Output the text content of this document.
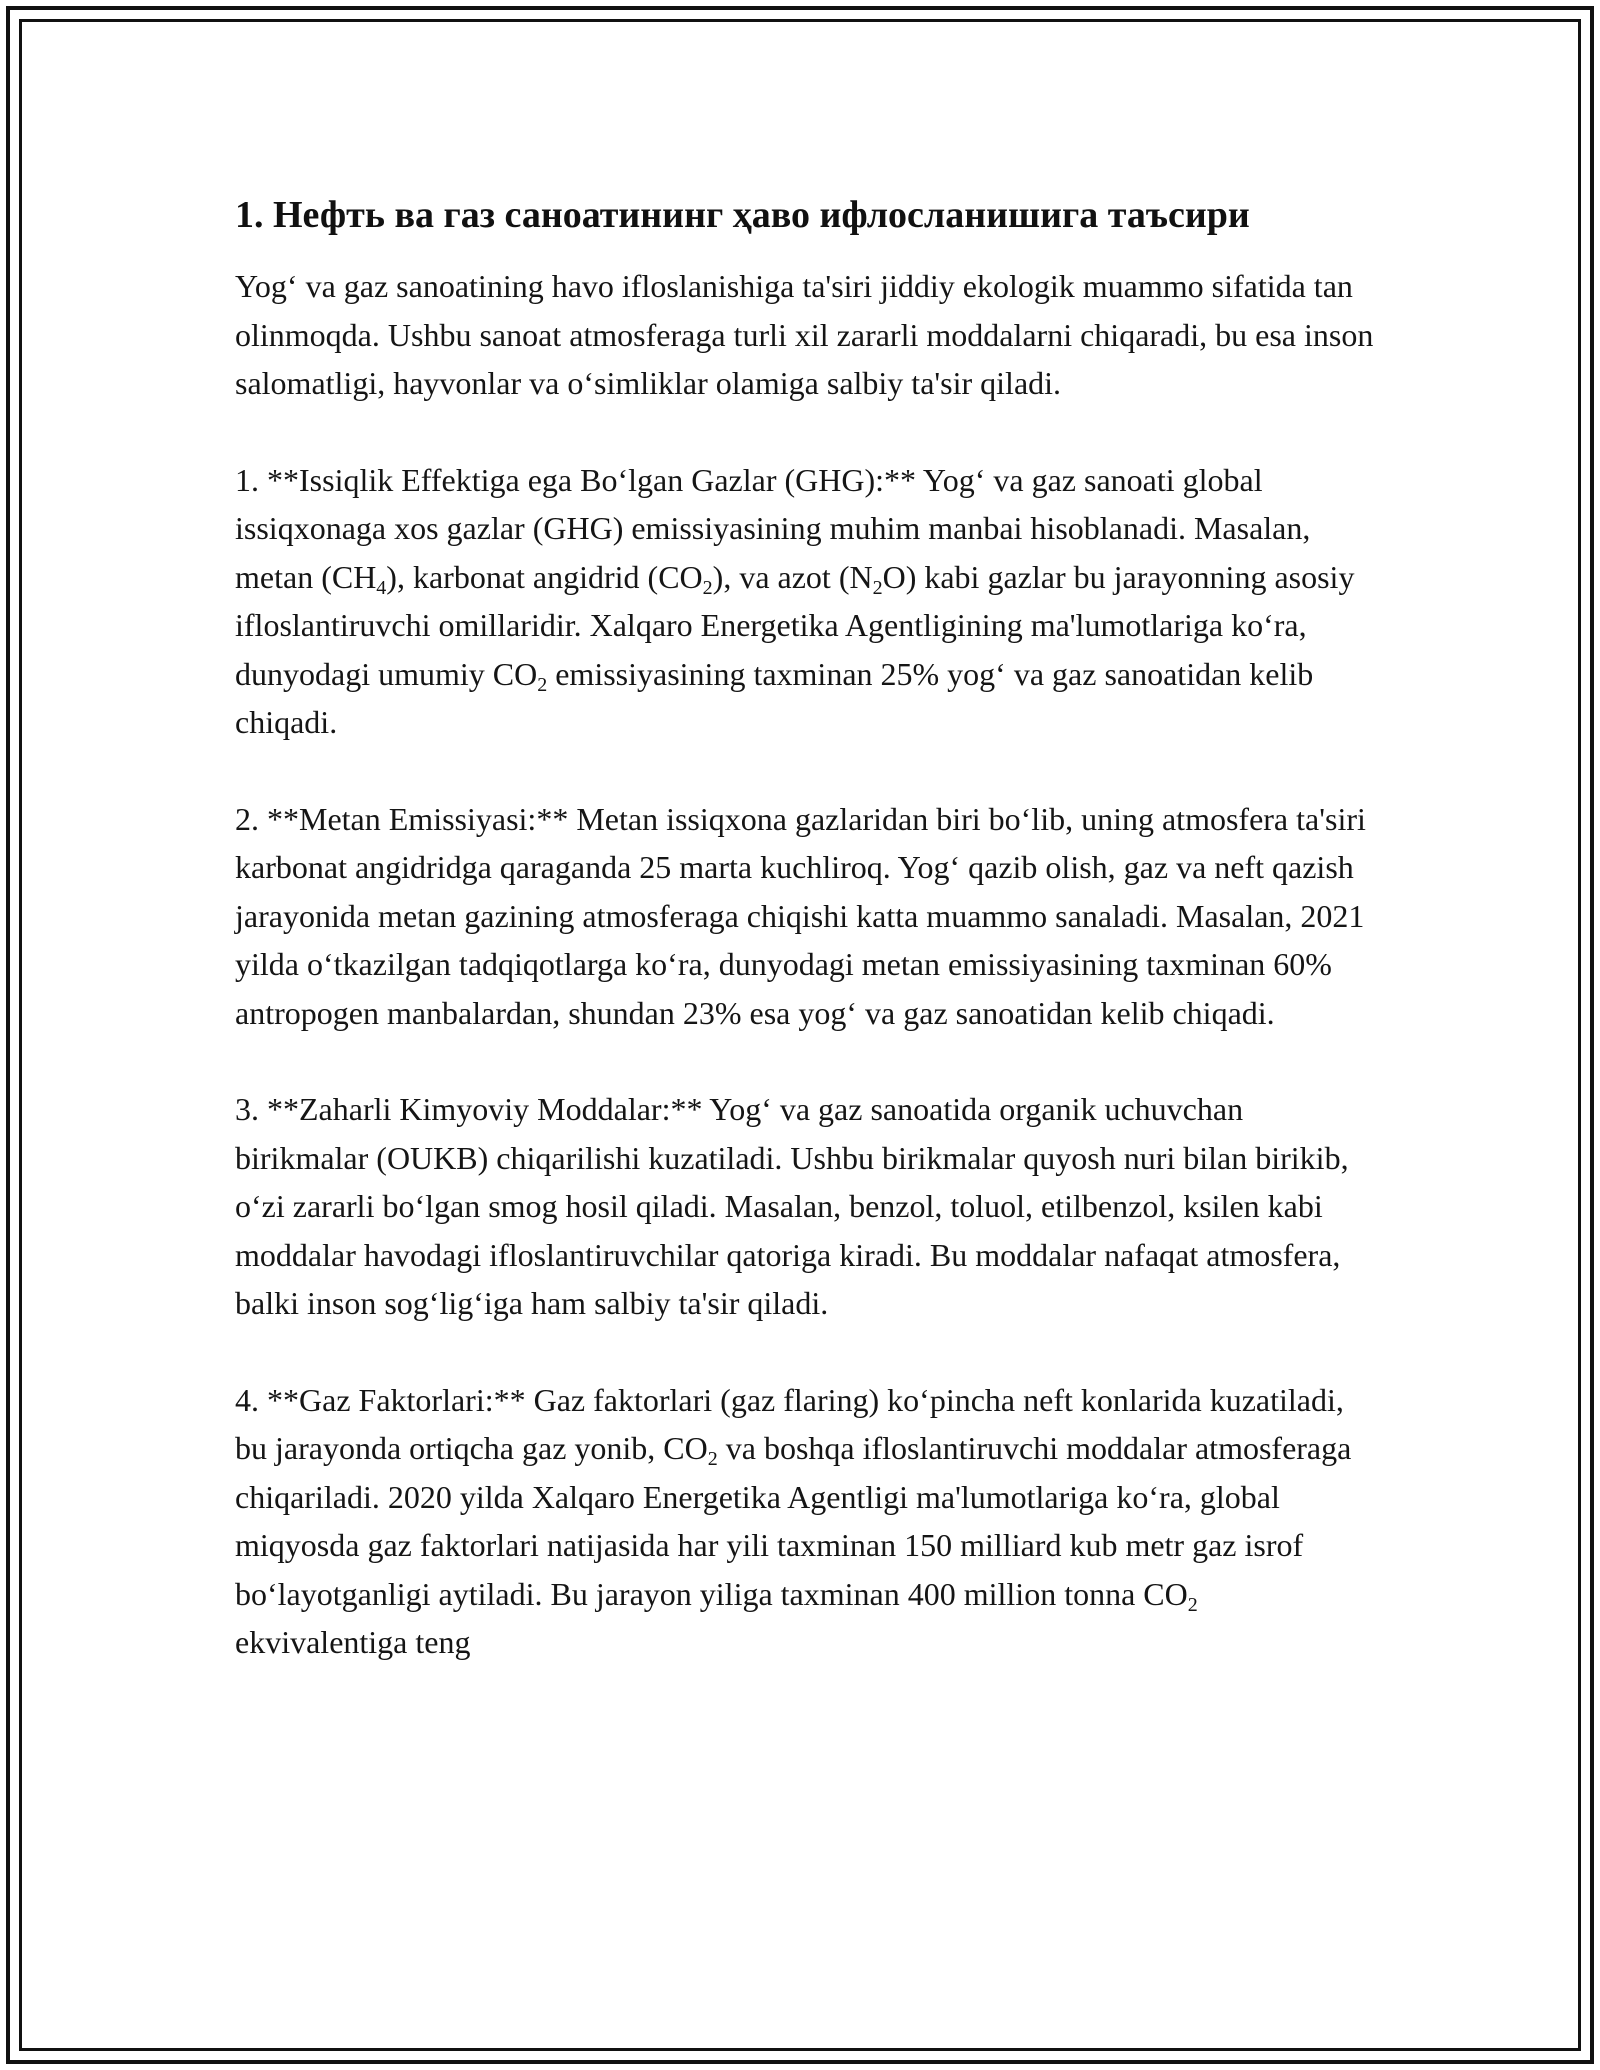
1. Нефть ва газ саноатининг ҳаво ифлосланишига таъсири

Yog‘ va gaz sanoatining havo ifloslanishiga ta'siri jiddiy ekologik muammo sifatida tan olinmoqda. Ushbu sanoat atmosferaga turli xil zararli moddalarni chiqaradi, bu esa inson salomatligi, hayvonlar va o‘simliklar olamiga salbiy ta'sir qiladi.

1. **Issiqlik Effektiga ega Bo‘lgan Gazlar (GHG):** Yog‘ va gaz sanoati global issiqxonaga xos gazlar (GHG) emissiyasining muhim manbai hisoblanadi. Masalan, metan $(CH_4)$, karbonat angidrid $(CO_2)$, va azot $(N_2O)$ kabi gazlar bu jarayonning asosiy ifloslantiruvchi omillaridir. Xalqaro Energetika Agentligining ma'lumotlariga ko‘ra, dunyodagi umumiy $CO_2$ emissiyasining taxminan 25% yog‘ va gaz sanoatidan kelib chiqadi.

2. **Metan Emissiyasi:** Metan issiqxona gazlaridan biri bo‘lib, uning atmosfera ta'siri karbonat angidridga qaraganda 25 marta kuchliroq. Yog‘ qazib olish, gaz va neft qazish jarayonida metan gazining atmosferaga chiqishi katta muammo sanaladi. Masalan, 2021 yilda o‘tkazilgan tadqiqotlarga ko‘ra, dunyodagi metan emissiyasining taxminan 60% antropogen manbalardan, shundan 23% esa yog‘ va gaz sanoatidan kelib chiqadi.

3. **Zaharli Kimyoviy Moddalar:** Yog‘ va gaz sanoatida organik uchuvchan birikmalar (OUKB) chiqarilishi kuzatiladi. Ushbu birikmalar quyosh nuri bilan birikib, o‘zi zararli bo‘lgan smog hosil qiladi. Masalan, benzol, toluol, etilbenzol, ksilen kabi moddalar havodagi ifloslantiruvchilar qatoriga kiradi. Bu moddalar nafaqat atmosfera, balki inson sog‘lig‘iga ham salbiy ta'sir qiladi.

4. **Gaz Faktorlari:** Gaz faktorlari (gaz flaring) ko‘pincha neft konlarida kuzatiladi, bu jarayonda ortiqcha gaz yonib, $CO_2$ va boshqa ifloslantiruvchi moddalar atmosferaga chiqariladi. 2020 yilda Xalqaro Energetika Agentligi ma'lumotlariga ko‘ra, global miqyosda gaz faktorlari natijasida har yili taxminan 150 milliard kub metr gaz isrof bo‘layotganligi aytiladi. Bu jarayon yiliga taxminan 400 million tonna $CO_2$ ekvivalentiga teng
